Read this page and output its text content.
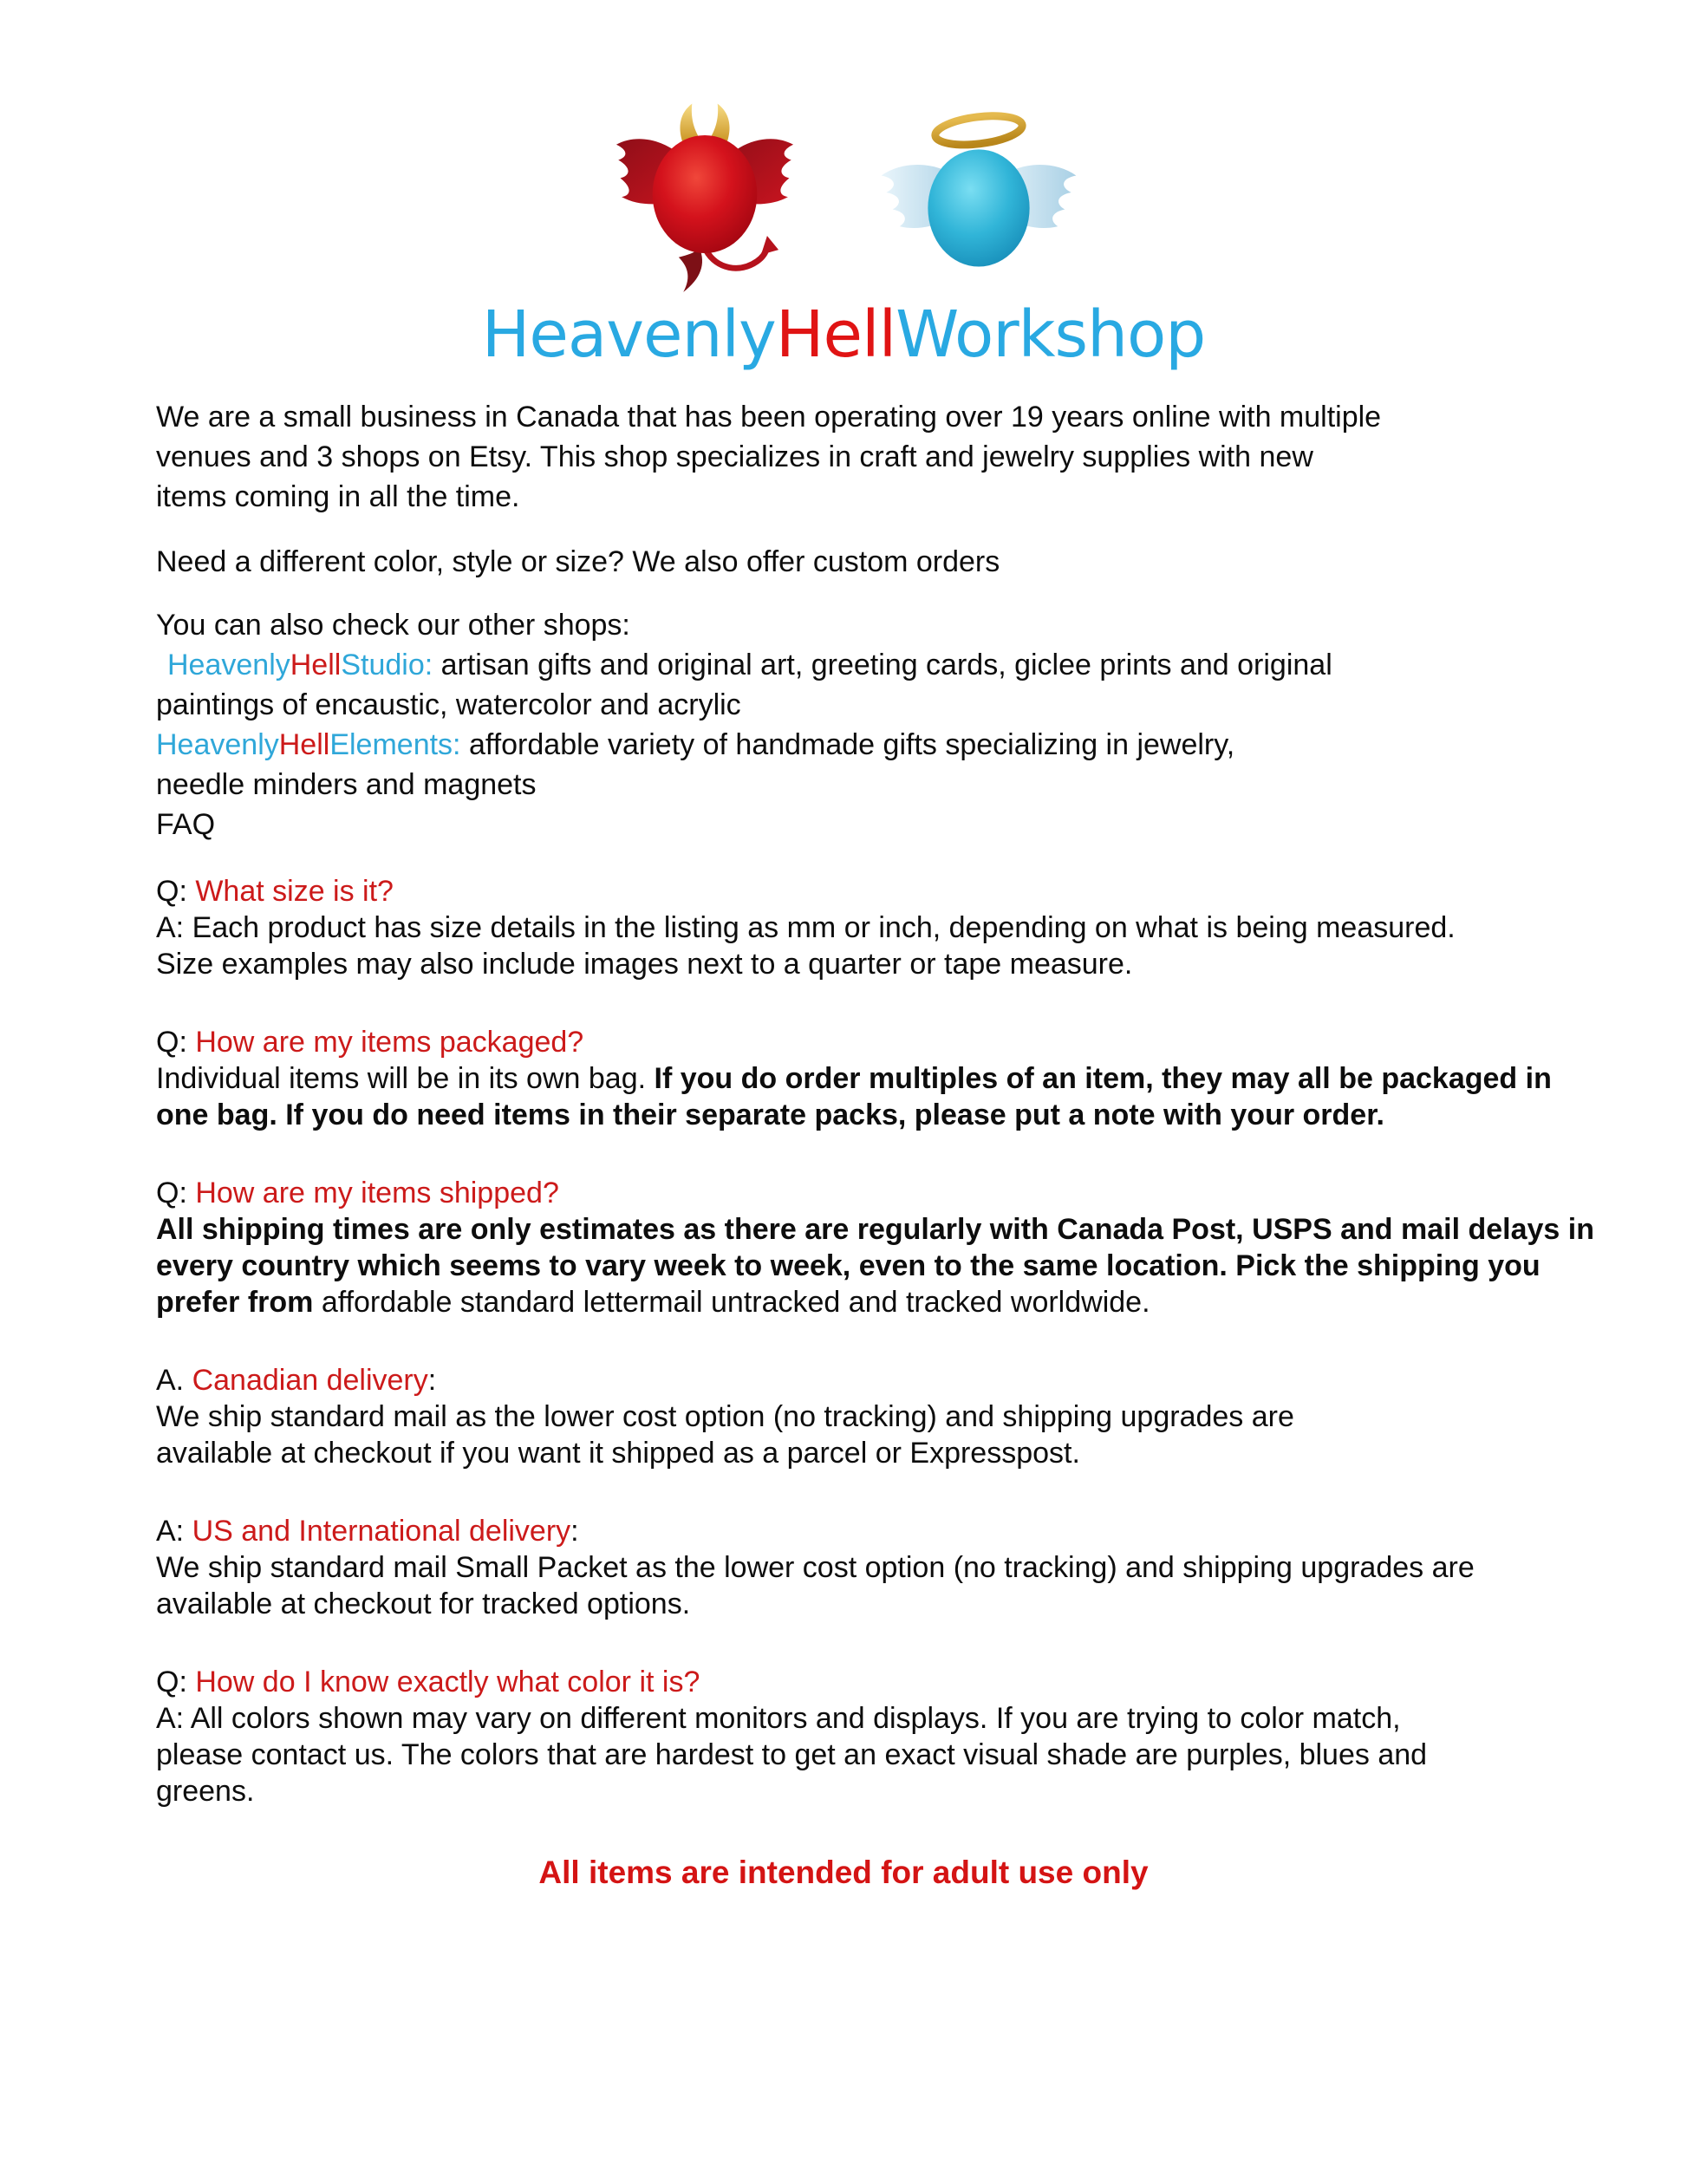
HeavenlyHellWorkshop
We are a small business in Canada that has been operating over 19 years online with multiple
venues and 3 shops on Etsy. This shop specializes in craft and jewelry supplies with new
items coming in all the time.
Need a different color, style or size? We also offer custom orders
You can also check our other shops:
HeavenlyHellStudio: artisan gifts and original art, greeting cards, giclee prints and original
paintings of encaustic, watercolor and acrylic
HeavenlyHellElements: affordable variety of handmade gifts specializing in jewelry,
needle minders and magnets
FAQ
Q: What size is it?
A: Each product has size details in the listing as mm or inch, depending on what is being measured.
Size examples may also include images next to a quarter or tape measure.
Q: How are my items packaged?
Individual items will be in its own bag. If you do order multiples of an item, they may all be packaged in
one bag. If you do need items in their separate packs, please put a note with your order.
Q: How are my items shipped?
All shipping times are only estimates as there are regularly with Canada Post, USPS and mail delays in
every country which seems to vary week to week, even to the same location. Pick the shipping you
prefer from affordable standard lettermail untracked and tracked worldwide.
A. Canadian delivery:
We ship standard mail as the lower cost option (no tracking) and shipping upgrades are
available at checkout if you want it shipped as a parcel or Expresspost.
A: US and International delivery:
We ship standard mail Small Packet as the lower cost option (no tracking) and shipping upgrades are
available at checkout for tracked options.
Q: How do I know exactly what color it is?
A: All colors shown may vary on different monitors and displays. If you are trying to color match,
please contact us. The colors that are hardest to get an exact visual shade are purples, blues and
greens.
All items are intended for adult use only
